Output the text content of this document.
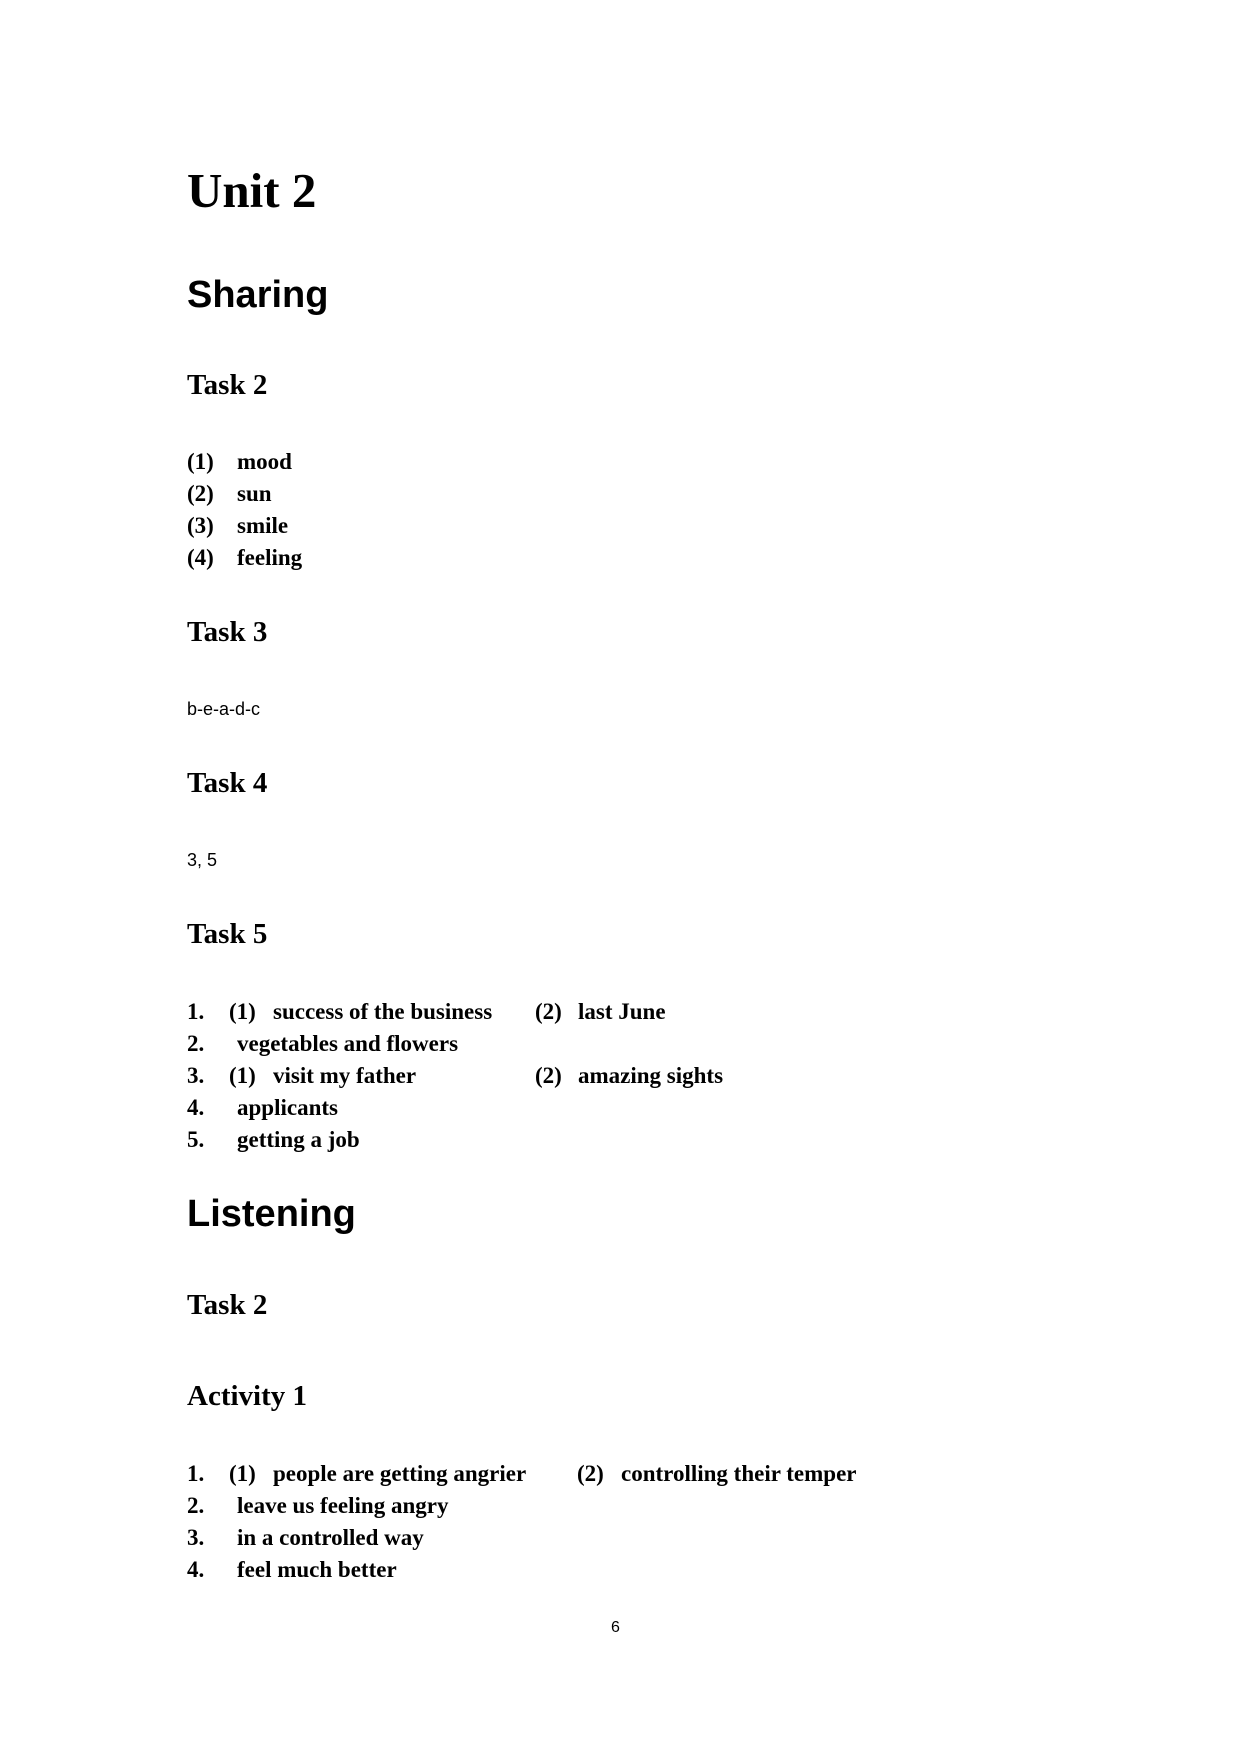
Unit 2
Sharing
Task 2
(1) mood
(2) sun
(3) smile
(4) feeling
Task 3

b-e-a-d-c

Task 4

3, 5

Task 5
1. (1) success of the business (2) last June
2. vegetables and flowers
3. (1) visit my father	(2) amazing sights
4. applicants
5. getting a job
Listening
Task 2
Activity 1
1. (1) people are getting angrier (2) controlling their temper
2. leave us feeling angry
3. in a controlled way
4. feel much better
6
